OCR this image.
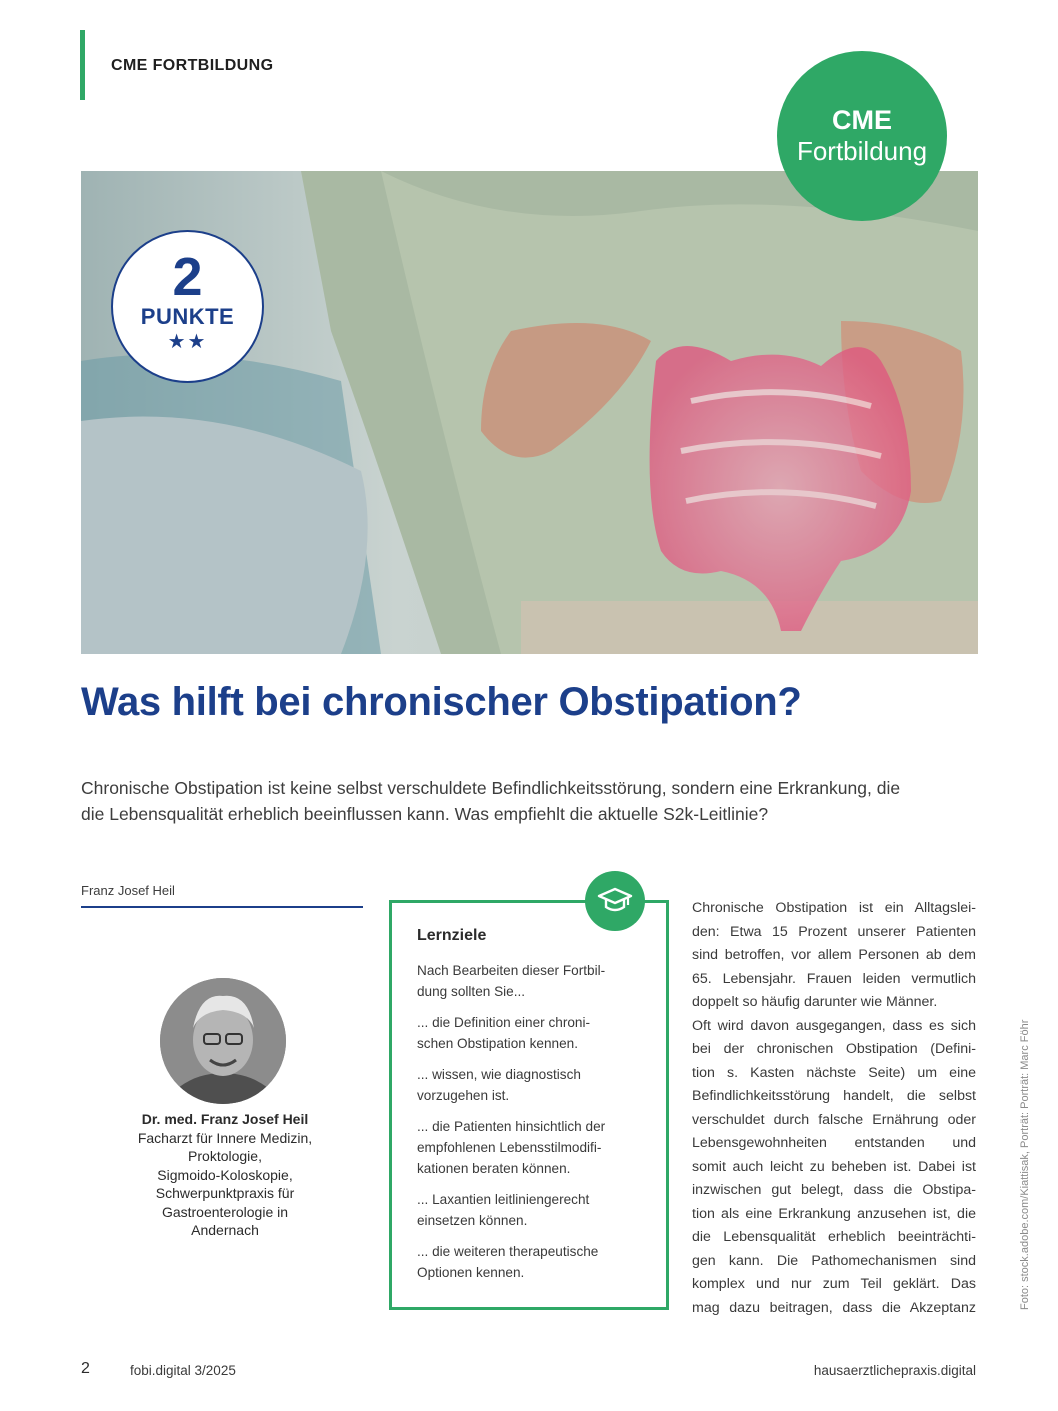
CME FORTBILDUNG
CME
Fortbildung
2
PUNKTE
★★
Was hilft bei chronischer Obstipation?
Chronische Obstipation ist keine selbst verschuldete Befindlichkeitsstörung, sondern eine Erkrankung, die
die Lebensqualität erheblich beeinflussen kann. Was empfiehlt die aktuelle S2k-Leitlinie?
Franz Josef Heil
Dr. med. Franz Josef Heil
Facharzt für Innere Medizin,
Proktologie,
Sigmoido-Koloskopie,
Schwerpunktpraxis für
Gastroenterologie in
Andernach
Lernziele

Nach Bearbeiten dieser Fortbil-
dung sollten Sie...

... die Definition einer chroni-
schen Obstipation kennen.

... wissen, wie diagnostisch
vorzugehen ist.

... die Patienten hinsichtlich der
empfohlenen Lebensstilmodifi-
kationen beraten können.

... Laxantien leitliniengerecht
einsetzen können.

... die weiteren therapeutische
Optionen kennen.

Chronische Obstipation ist ein Alltagslei-
den: Etwa 15 Prozent unserer Patienten
sind betroffen, vor allem Personen ab dem
65. Lebensjahr. Frauen leiden vermutlich
doppelt so häufig darunter wie Männer.
Oft wird davon ausgegangen, dass es sich
bei der chronischen Obstipation (Defini-
tion s. Kasten nächste Seite) um eine
Befindlichkeitsstörung handelt, die selbst
verschuldet durch falsche Ernährung oder
Lebensgewohnheiten entstanden und
somit auch leicht zu beheben ist. Dabei ist
inzwischen gut belegt, dass die Obstipa-
tion als eine Erkrankung anzusehen ist, die
die Lebensqualität erheblich beeinträchti-
gen kann. Die Pathomechanismen sind
komplex und nur zum Teil geklärt. Das
mag dazu beitragen, dass die Akzeptanz	Foto: stock.adobe.com/Kiattisak, Porträt: Porträt: Marc Föhr
2	fobi.digital 3/2025	hausaerztlichepraxis.digital
